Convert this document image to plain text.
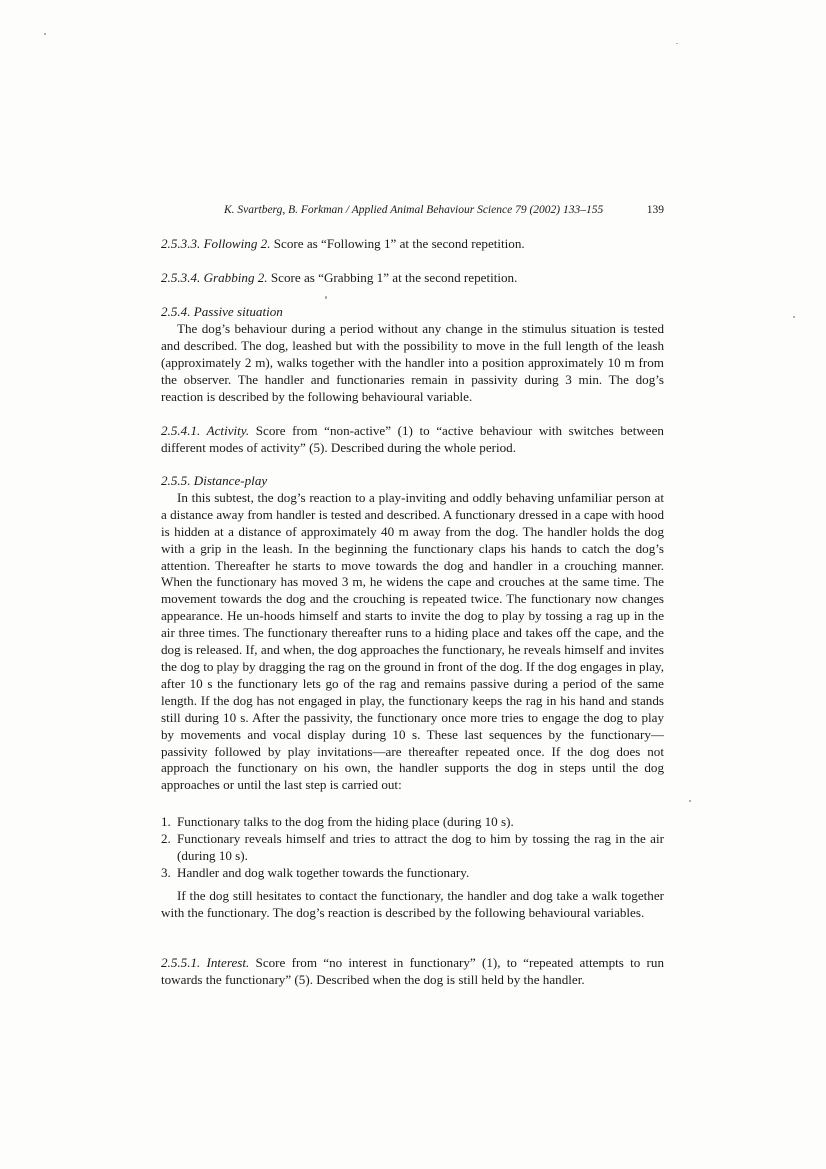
K. Svartberg, B. Forkman / Applied Animal Behaviour Science 79 (2002) 133–155	139

2.5.3.3. Following 2. Score as “Following 1” at the second repetition.

2.5.3.4. Grabbing 2. Score as “Grabbing 1” at the second repetition.

2.5.4. Passive situation

The dog’s behaviour during a period without any change in the stimulus situation is tested and described. The dog, leashed but with the possibility to move in the full length of the leash (approximately 2 m), walks together with the handler into a position approximately 10 m from the observer. The handler and functionaries remain in passivity during 3 min. The dog’s reaction is described by the following behavioural variable.

2.5.4.1. Activity. Score from “non-active” (1) to “active behaviour with switches between different modes of activity” (5). Described during the whole period.

2.5.5. Distance-play

In this subtest, the dog’s reaction to a play-inviting and oddly behaving unfamiliar person at a distance away from handler is tested and described. A functionary dressed in a cape with hood is hidden at a distance of approximately 40 m away from the dog. The handler holds the dog with a grip in the leash. In the beginning the functionary claps his hands to catch the dog’s attention. Thereafter he starts to move towards the dog and handler in a crouching manner. When the functionary has moved 3 m, he widens the cape and crouches at the same time. The movement towards the dog and the crouching is repeated twice. The functionary now changes appearance. He un-hoods himself and starts to invite the dog to play by tossing a rag up in the air three times. The functionary thereafter runs to a hiding place and takes off the cape, and the dog is released. If, and when, the dog approaches the functionary, he reveals himself and invites the dog to play by dragging the rag on the ground in front of the dog. If the dog engages in play, after 10 s the functionary lets go of the rag and remains passive during a period of the same length. If the dog has not engaged in play, the functionary keeps the rag in his hand and stands still during 10 s. After the passivity, the functionary once more tries to engage the dog to play by movements and vocal display during 10 s. These last sequences by the functionary—passivity followed by play invitations—are thereafter repeated once. If the dog does not approach the functionary on his own, the handler supports the dog in steps until the dog approaches or until the last step is carried out:

1. Functionary talks to the dog from the hiding place (during 10 s).
2. Functionary reveals himself and tries to attract the dog to him by tossing the rag in the air (during 10 s).
3. Handler and dog walk together towards the functionary.

If the dog still hesitates to contact the functionary, the handler and dog take a walk together with the functionary. The dog’s reaction is described by the following behavioural variables.

2.5.5.1. Interest. Score from “no interest in functionary” (1), to “repeated attempts to run towards the functionary” (5). Described when the dog is still held by the handler.
